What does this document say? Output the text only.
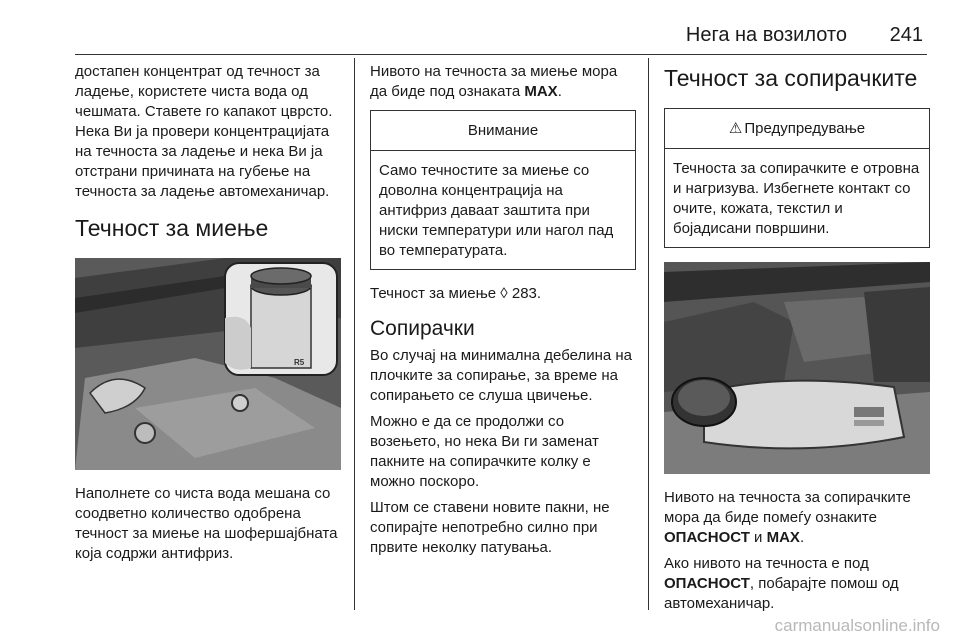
Нега на возилото 241

достапен концентрат од течност за ладење, користете чиста вода од чешмата. Ставете го капакот цврсто. Нека Ви ја провери концентрацијата на течноста за ладење и нека Ви ја отстрани причината на губење на течноста за ладење автомеханичар.

Течност за миење
R5

Наполнете со чиста вода мешана со соодветно количество одобрена течност за миење на шофершајбната која содржи антифриз.

Нивото на течноста за миење мора да биде под ознаката MAX.

Внимание
Само течностите за миење со доволна концентрација на антифриз даваат заштита при ниски температури или нагол пад во температурата.

Течност за миење ◊ 283.

Сопирачки

Во случај на минимална дебелина на плочките за сопирање, за време на сопирањето се слуша цвичење.

Можно е да се продолжи со возењето, но нека Ви ги заменат пакните на сопирачките колку е можно поскоро.

Штом се ставени новите пакни, не сопирајте непотребно силно при првите неколку патувања.

Течност за сопирачките
⚠ Предупредување
Течноста за сопирачките е отровна и нагризувa. Избегнете контакт со очите, кожата, текстил и бојадисани површини.

Нивото на течноста за сопирачките мора да биде помеѓу ознаките ОПАСНОСТ и MAX.

Ако нивото на течноста е под ОПАСНОСТ, побарајте помош од автомеханичар.

carmanualsonline.info
